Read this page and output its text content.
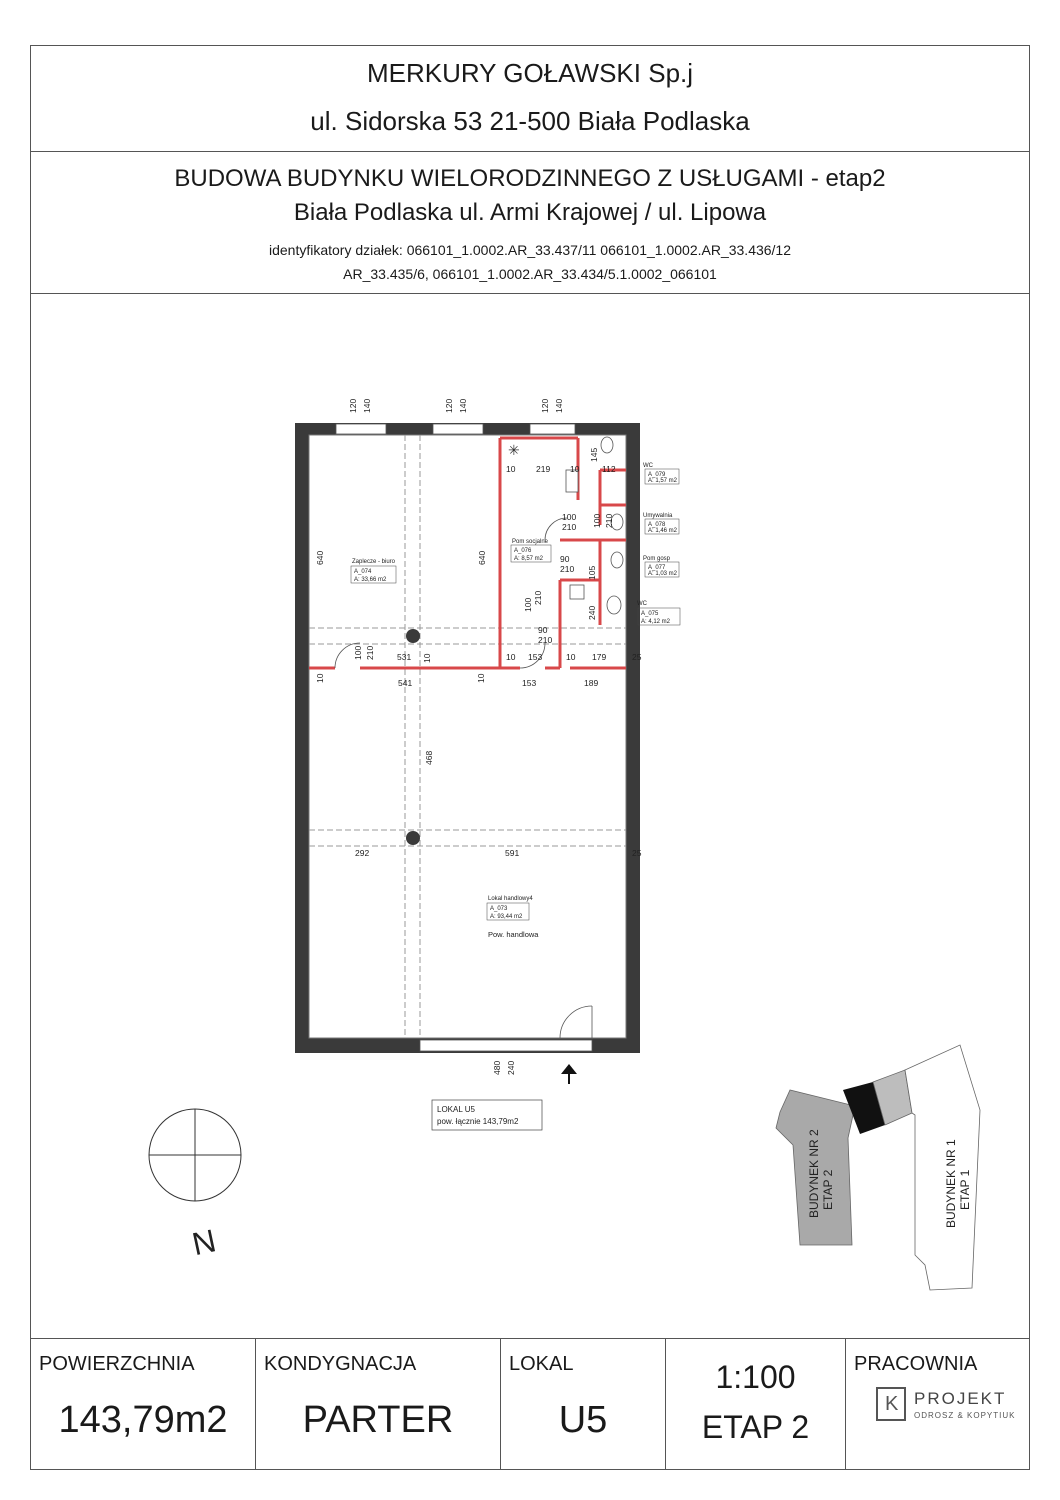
MERKURY GOŁAWSKI Sp.j
ul. Sidorska 53 21-500 Biała Podlaska
BUDOWA BUDYNKU WIELORODZINNEGO Z USŁUGAMI - etap2
Biała Podlaska ul. Armi Krajowej / ul. Lipowa
identyfikatory działek: 066101_1.0002.AR_33.437/11 066101_1.0002.AR_33.436/12
AR_33.435/6, 066101_1.0002.AR_33.434/5.1.0002_066101
POWIERZCHNIA
143,79m2
KONDYGNACJA
PARTER
LOKAL
U5
1:100
ETAP 2
PRACOWNIA
K PROJEKT
ODROSZ & KOPYTIUK
✳
120 140	120 140	120 140
640	640
468
10 219 10	112
145
100
210
90
210
100 210
90
210
100 210
100 210
105
240
531 10	10 153	10 179	25
10	541	10	153	189
292	591	25
480 240
Zaplecze - biuro
A_074
A: 33,66 m2
Pom socjalne
A_076
A: 8,57 m2
WC
A_079
A: 1,57 m2
Umywalnia
A_078
A: 1,46 m2
Pom gosp
A_077
A: 1,03 m2
WC
A_075
A: 4,12 m2
Lokal handlowy4
A_073
A: 93,44 m2
Pow. handlowa
LOKAL U5
pow. łącznie 143,79m2
N
BUDYNEK NR 2 ETAP 2	BUDYNEK NR 1 ETAP 1
